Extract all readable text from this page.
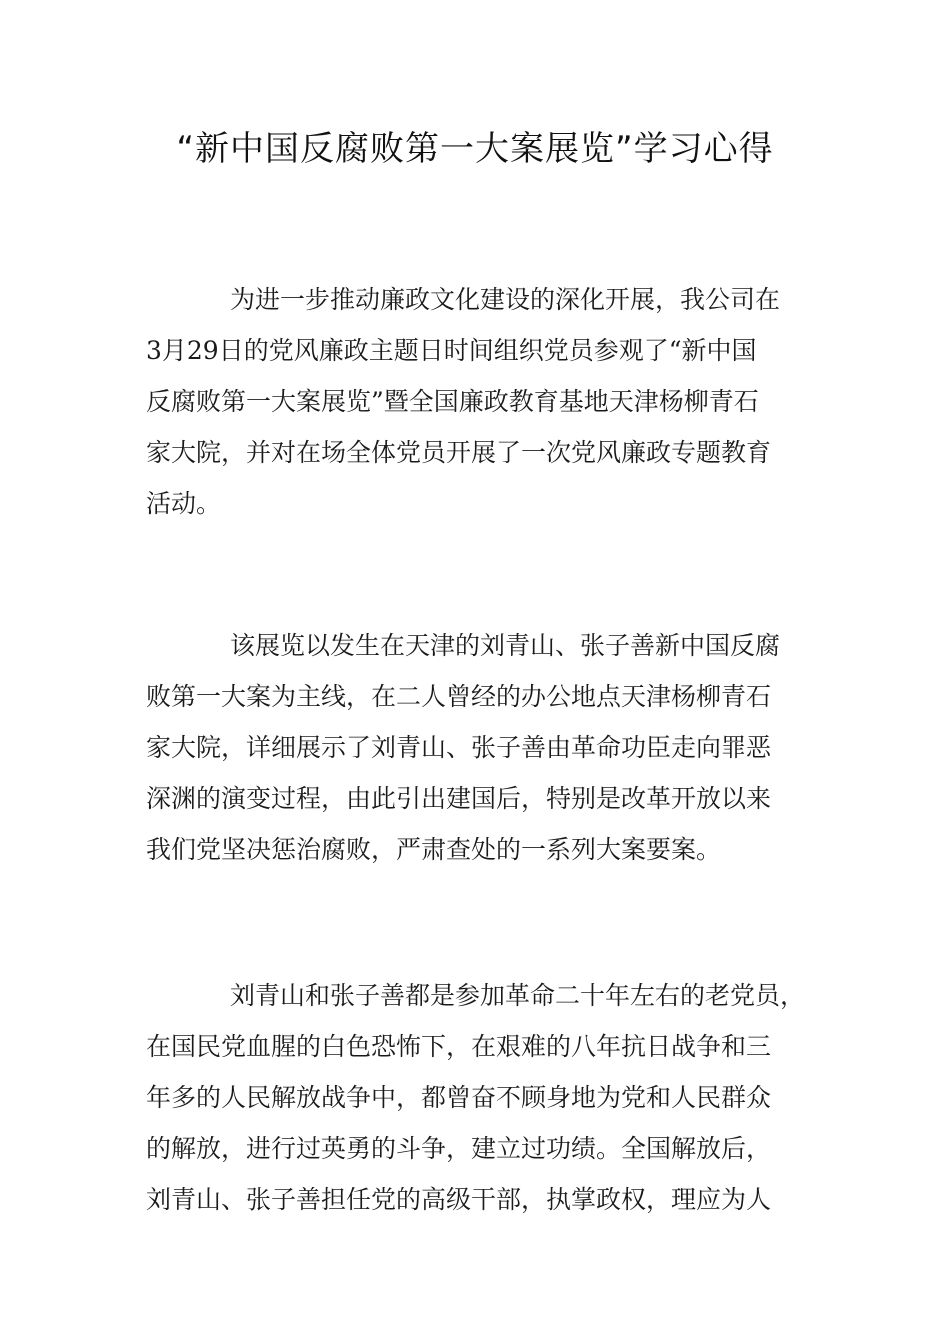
“新中国反腐败第一大案展览”学习心得
为进一步推动廉政文化建设的深化开展，我公司在
3月29日的党风廉政主题日时间组织党员参观了“新中国
反腐败第一大案展览”暨全国廉政教育基地天津杨柳青石
家大院，并对在场全体党员开展了一次党风廉政专题教育
活动。
该展览以发生在天津的刘青山、张子善新中国反腐
败第一大案为主线，在二人曾经的办公地点天津杨柳青石
家大院，详细展示了刘青山、张子善由革命功臣走向罪恶
深渊的演变过程，由此引出建国后，特别是改革开放以来
我们党坚决惩治腐败，严肃查处的一系列大案要案。
刘青山和张子善都是参加革命二十年左右的老党员，
在国民党血腥的白色恐怖下，在艰难的八年抗日战争和三
年多的人民解放战争中，都曾奋不顾身地为党和人民群众
的解放，进行过英勇的斗争，建立过功绩。全国解放后，
刘青山、张子善担任党的高级干部，执掌政权，理应为人
